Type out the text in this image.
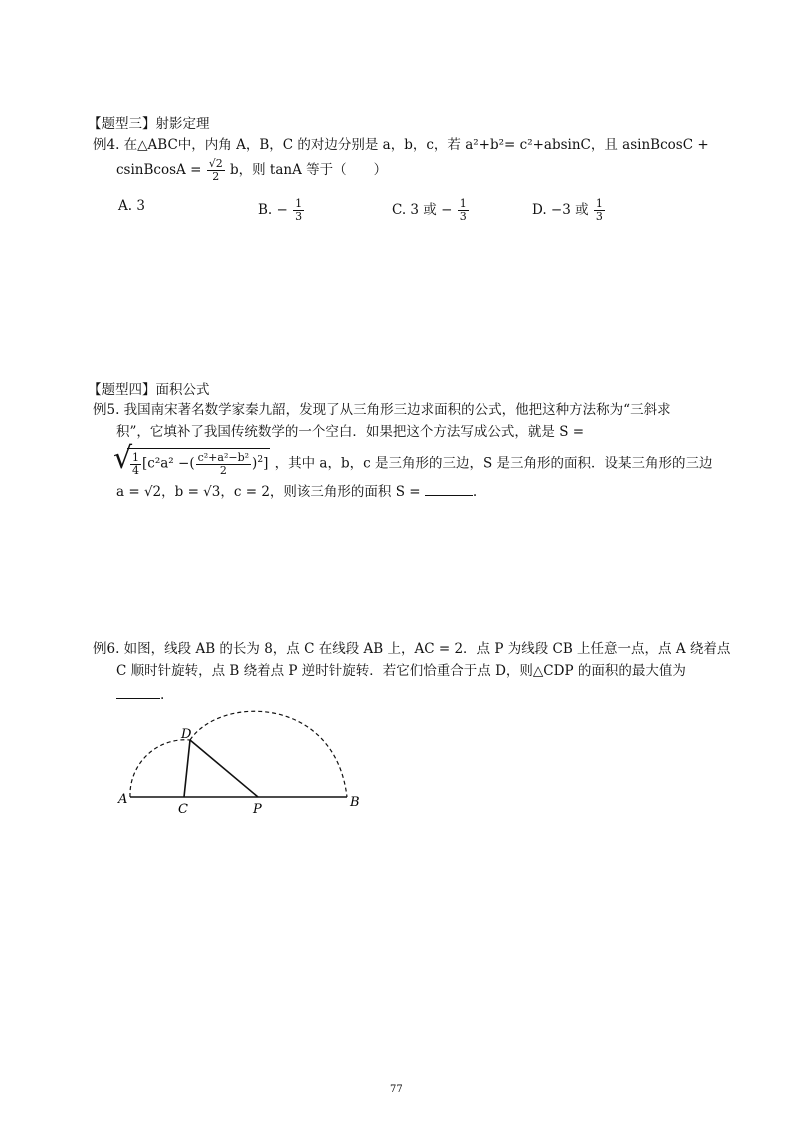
【题型三】射影定理
例4. 在△ABC中，内角 A，B，C 的对边分别是 a，b，c，若 a²+b²= c²+absinC，且 asinBcosC +
csinBcosA = $\frac{√2}{2}$ b，则 tanA 等于（　　）
A. 3	B. − $\frac{1}{3}$	C. 3 或 − $\frac{1}{3}$	D. −3 或 $\frac{1}{3}$
【题型四】面积公式
例5. 我国南宋著名数学家秦九韶，发现了从三角形三边求面积的公式，他把这种方法称为“三斜求
积”，它填补了我国传统数学的一个空白．如果把这个方法写成公式，就是 S =
√
$\frac{1}{4} [c^2a^2$ −( $\frac{\text{c²+a²−b²}}{2} )^2$] ，其中 a，b，c 是三角形的三边，S 是三角形的面积．设某三角形的三边
a = √2，b = √3，c = 2，则该三角形的面积 S =	.
例6. 如图，线段 AB 的长为 8，点 C 在线段 AB 上，AC = 2．点 P 为线段 CB 上任意一点，点 A 绕着点
C 顺时针旋转，点 B 绕着点 P 逆时针旋转．若它们恰重合于点 D，则△CDP 的面积的最大值为
.
A	B
C
D
P
77
